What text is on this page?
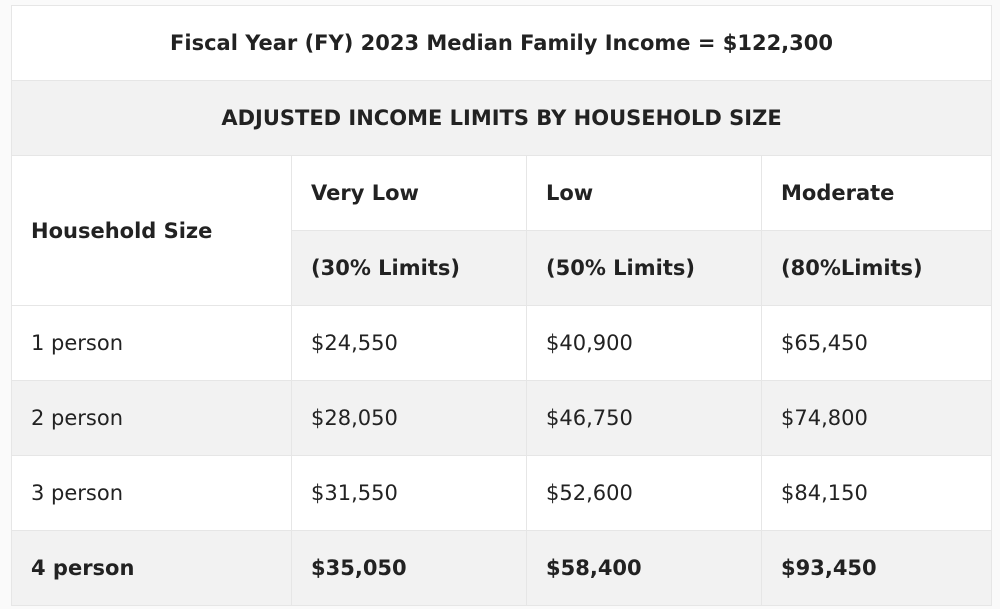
Fiscal Year (FY) 2023 Median Family Income = $122,300			
ADJUSTED INCOME LIMITS BY HOUSEHOLD SIZE			
Household Size	Very Low	Low	Moderate
	(30% Limits)	(50% Limits)	(80%Limits)
1 person	$24,550	$40,900	$65,450
2 person	$28,050	$46,750	$74,800
3 person	$31,550	$52,600	$84,150
4 person	$35,050	$58,400	$93,450
